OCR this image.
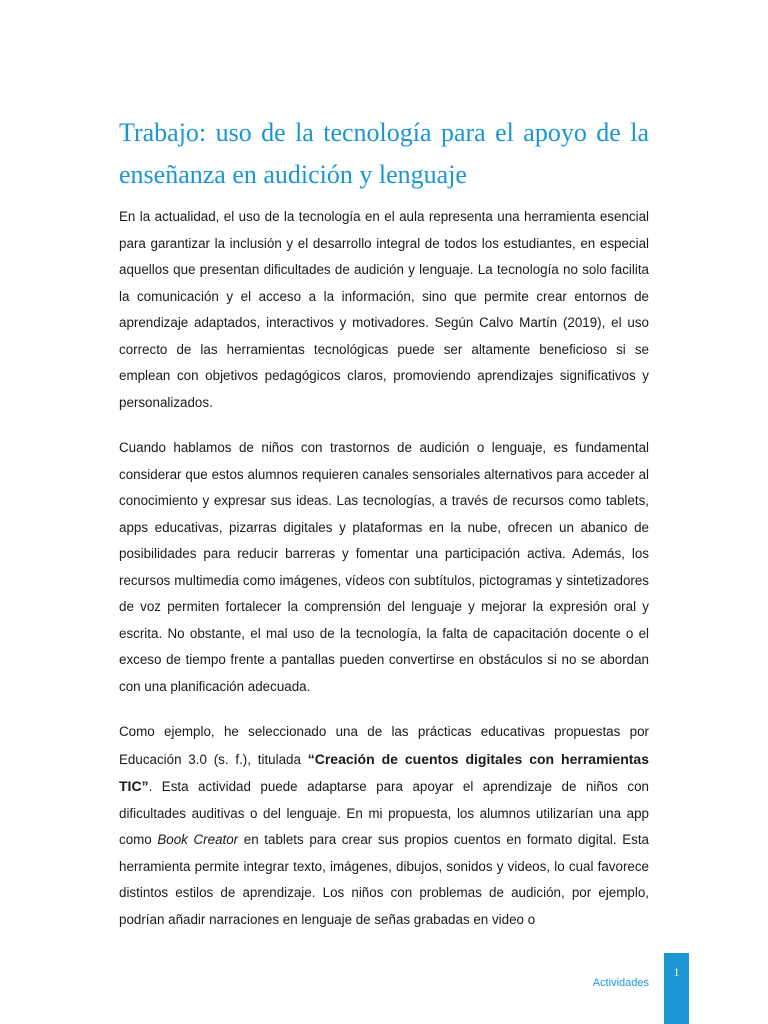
Trabajo: uso de la tecnología para el apoyo de la enseñanza en audición y lenguaje

En la actualidad, el uso de la tecnología en el aula representa una herramienta esencial para garantizar la inclusión y el desarrollo integral de todos los estudiantes, en especial aquellos que presentan dificultades de audición y lenguaje. La tecnología no solo facilita la comunicación y el acceso a la información, sino que permite crear entornos de aprendizaje adaptados, interactivos y motivadores. Según Calvo Martín (2019), el uso correcto de las herramientas tecnológicas puede ser altamente beneficioso si se emplean con objetivos pedagógicos claros, promoviendo aprendizajes significativos y personalizados.

Cuando hablamos de niños con trastornos de audición o lenguaje, es fundamental considerar que estos alumnos requieren canales sensoriales alternativos para acceder al conocimiento y expresar sus ideas. Las tecnologías, a través de recursos como tablets, apps educativas, pizarras digitales y plataformas en la nube, ofrecen un abanico de posibilidades para reducir barreras y fomentar una participación activa. Además, los recursos multimedia como imágenes, vídeos con subtítulos, pictogramas y sintetizadores de voz permiten fortalecer la comprensión del lenguaje y mejorar la expresión oral y escrita. No obstante, el mal uso de la tecnología, la falta de capacitación docente o el exceso de tiempo frente a pantallas pueden convertirse en obstáculos si no se abordan con una planificación adecuada.

Como ejemplo, he seleccionado una de las prácticas educativas propuestas por Educación 3.0 (s. f.), titulada “Creación de cuentos digitales con herramientas TIC”. Esta actividad puede adaptarse para apoyar el aprendizaje de niños con dificultades auditivas o del lenguaje. En mi propuesta, los alumnos utilizarían una app como Book Creator en tablets para crear sus propios cuentos en formato digital. Esta herramienta permite integrar texto, imágenes, dibujos, sonidos y videos, lo cual favorece distintos estilos de aprendizaje. Los niños con problemas de audición, por ejemplo, podrían añadir narraciones en lenguaje de señas grabadas en video o

Actividades
1
